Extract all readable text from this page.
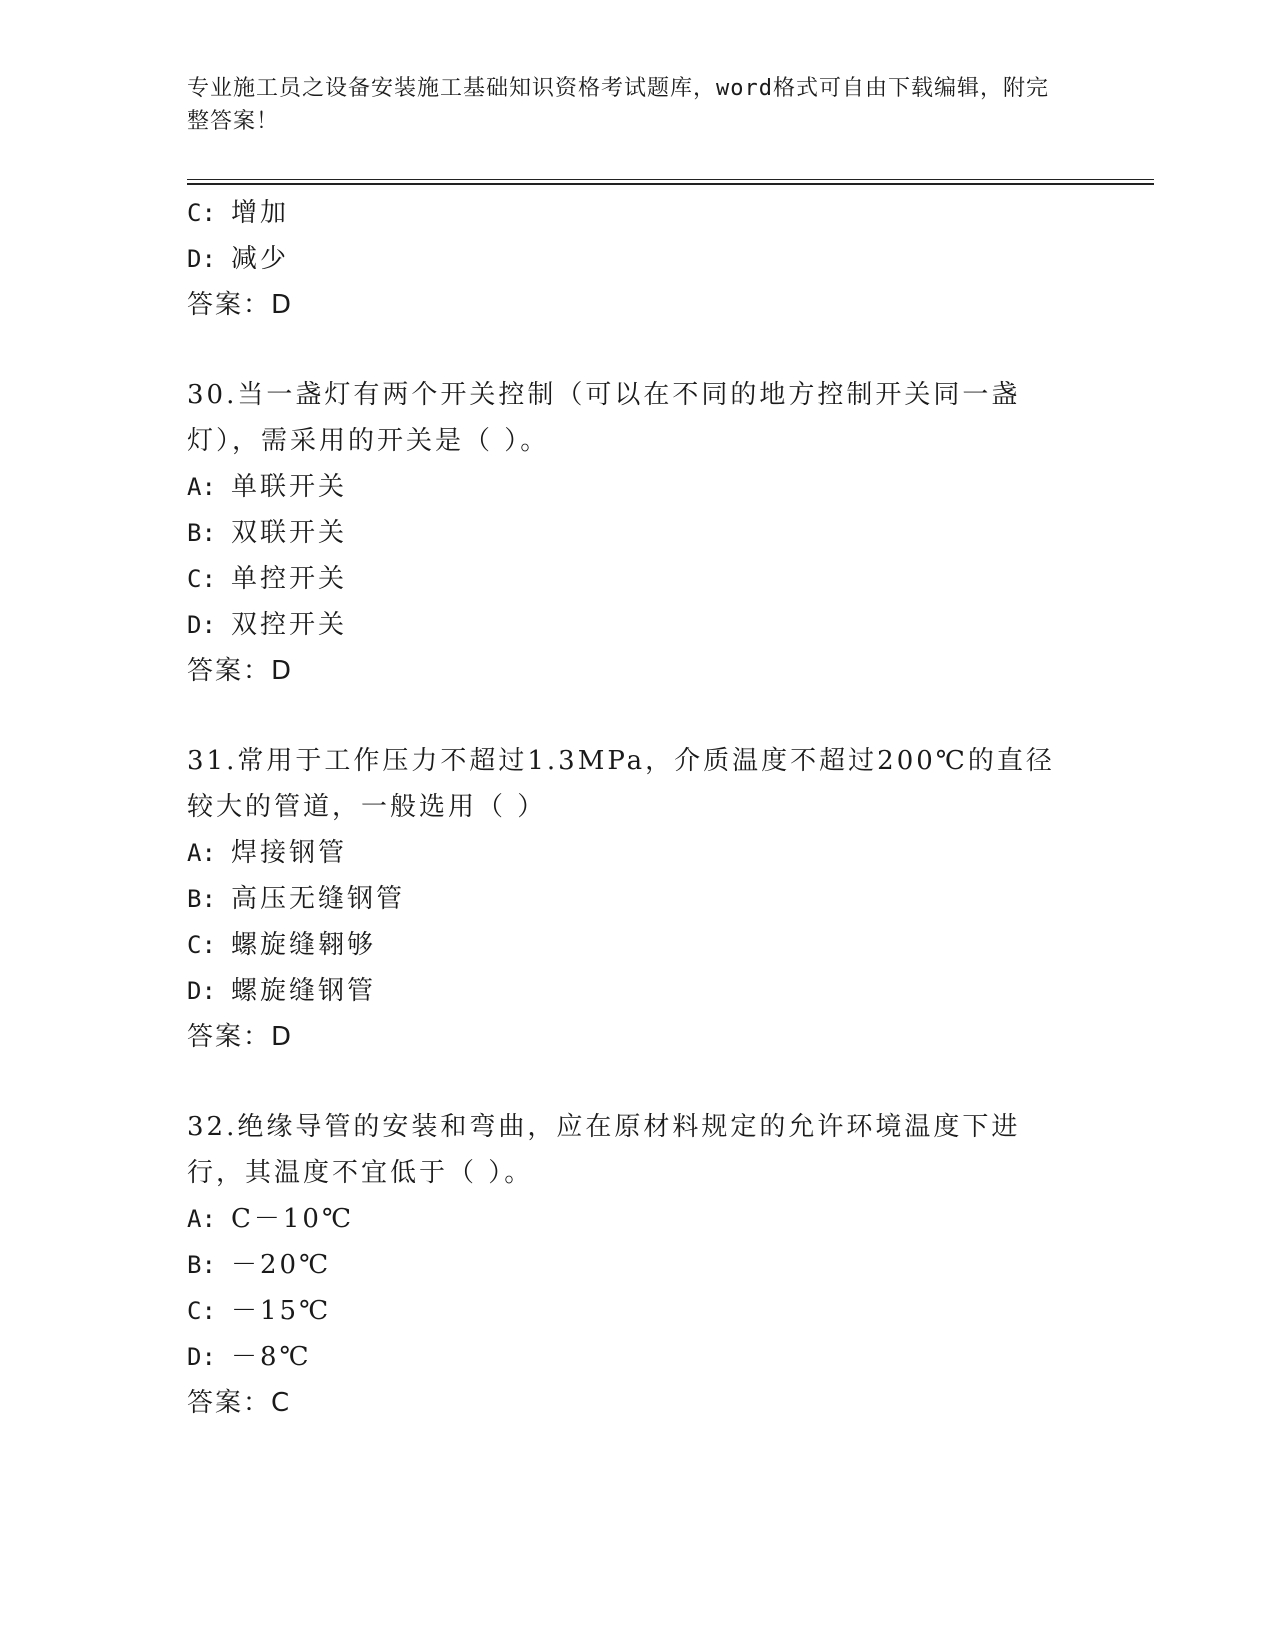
专业施工员之设备安装施工基础知识资格考试题库，word格式可自由下载编辑，附完整答案！
C: 增加
D: 减少
答案：D
30.当一盏灯有两个开关控制（可以在不同的地方控制开关同一盏灯），需采用的开关是（ ）。
A: 单联开关
B: 双联开关
C: 单控开关
D: 双控开关
答案：D
31.常用于工作压力不超过1.3MPa，介质温度不超过200℃的直径较大的管道，一般选用（ ）
A: 焊接钢管
B: 高压无缝钢管
C: 螺旋缝翱够
D: 螺旋缝钢管
答案：D
32.绝缘导管的安装和弯曲，应在原材料规定的允许环境温度下进行，其温度不宜低于（ ）。
A: C－10℃
B: －20℃
C: －15℃
D: －8℃
答案：C
